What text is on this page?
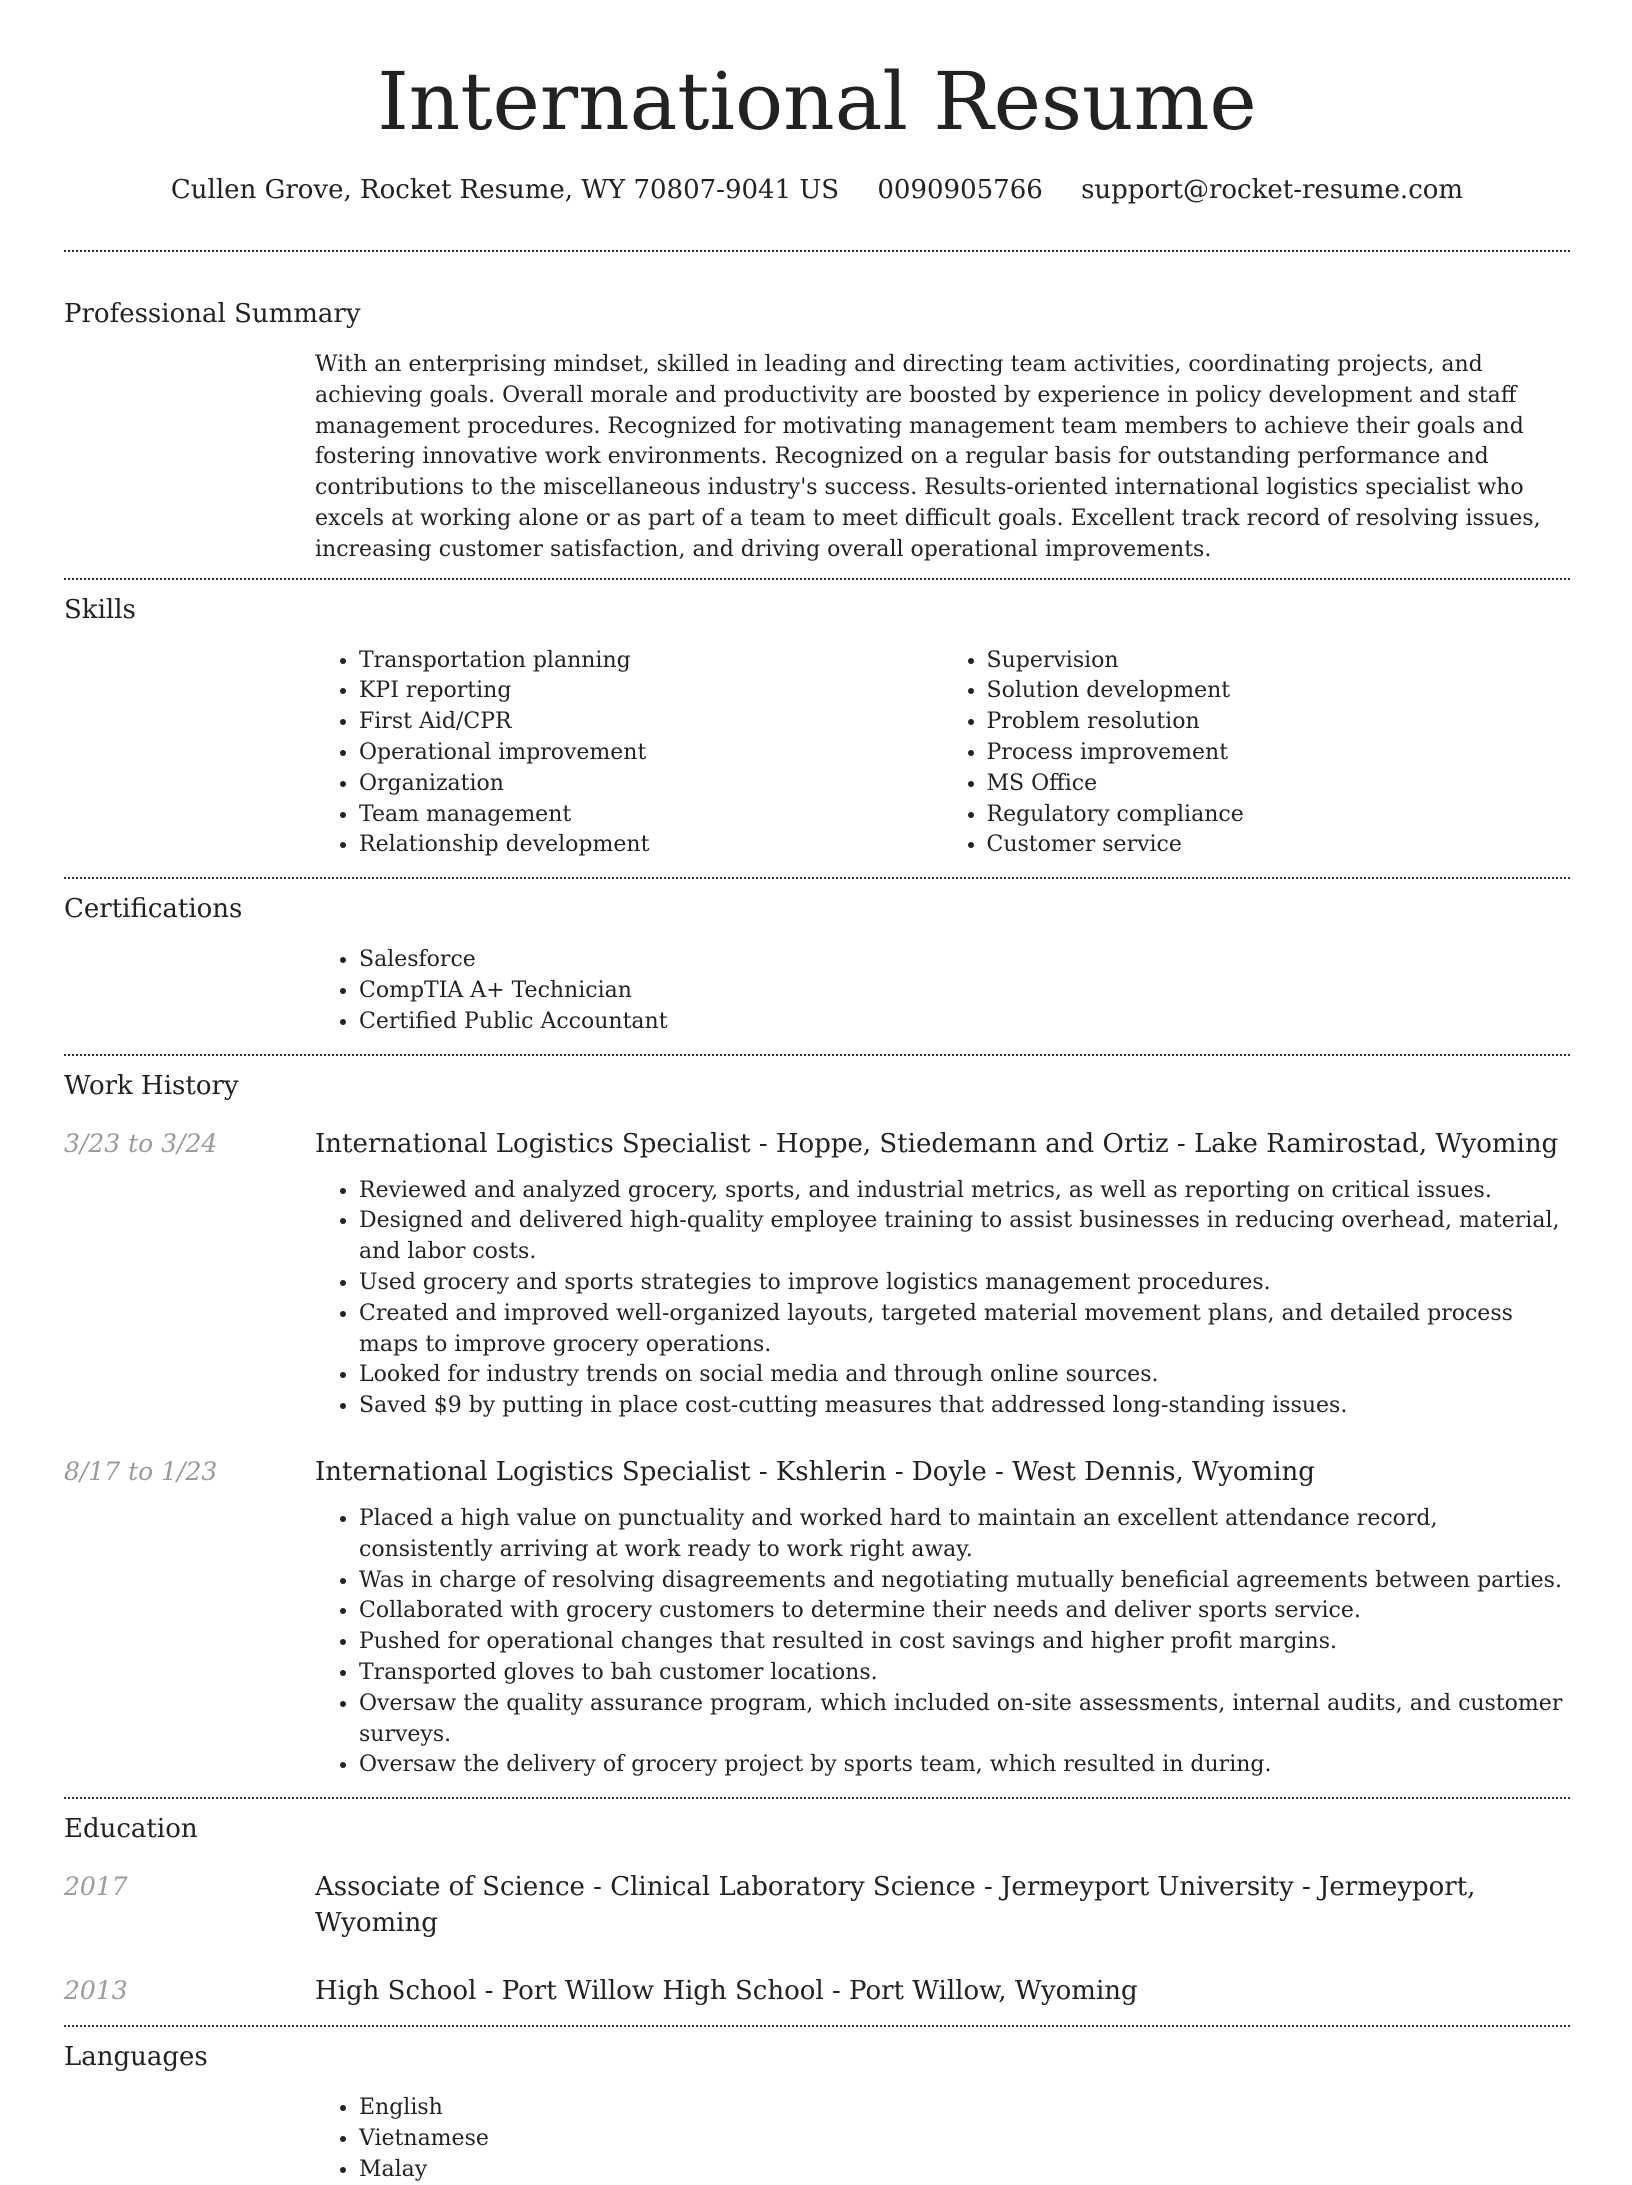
International Resume
Cullen Grove, Rocket Resume, WY 70807-9041 US 0090905766 support@rocket-resume.com
Professional Summary

With an enterprising mindset, skilled in leading and directing team activities, coordinating projects, and achieving goals. Overall morale and productivity are boosted by experience in policy development and staff management procedures. Recognized for motivating management team members to achieve their goals and fostering innovative work environments. Recognized on a regular basis for outstanding performance and contributions to the miscellaneous industry's success. Results-oriented international logistics specialist who excels at working alone or as part of a team to meet difficult goals. Excellent track record of resolving issues, increasing customer satisfaction, and driving overall operational improvements.

Skills
• Transportation planning
• KPI reporting
• First Aid/CPR
• Operational improvement
• Organization
• Team management
• Relationship development
• Supervision
• Solution development
• Problem resolution
• Process improvement
• MS Office
• Regulatory compliance
• Customer service
Certifications
• Salesforce
• CompTIA A+ Technician
• Certified Public Accountant
Work History
3/23 to 3/24	International Logistics Specialist - Hoppe, Stiedemann and Ortiz - Lake Ramirostad, Wyoming
• Reviewed and analyzed grocery, sports, and industrial metrics, as well as reporting on critical issues.
• Designed and delivered high-quality employee training to assist businesses in reducing overhead, material, and labor costs.
• Used grocery and sports strategies to improve logistics management procedures.
• Created and improved well-organized layouts, targeted material movement plans, and detailed process maps to improve grocery operations.
• Looked for industry trends on social media and through online sources.
• Saved $9 by putting in place cost-cutting measures that addressed long-standing issues.
8/17 to 1/23	International Logistics Specialist - Kshlerin - Doyle - West Dennis, Wyoming
• Placed a high value on punctuality and worked hard to maintain an excellent attendance record, consistently arriving at work ready to work right away.
• Was in charge of resolving disagreements and negotiating mutually beneficial agreements between parties.
• Collaborated with grocery customers to determine their needs and deliver sports service.
• Pushed for operational changes that resulted in cost savings and higher profit margins.
• Transported gloves to bah customer locations.
• Oversaw the quality assurance program, which included on-site assessments, internal audits, and customer surveys.
• Oversaw the delivery of grocery project by sports team, which resulted in during.
Education
2017	Associate of Science - Clinical Laboratory Science - Jermeyport University - Jermeyport, Wyoming
2013	High School - Port Willow High School - Port Willow, Wyoming
Languages
• English
• Vietnamese
• Malay
